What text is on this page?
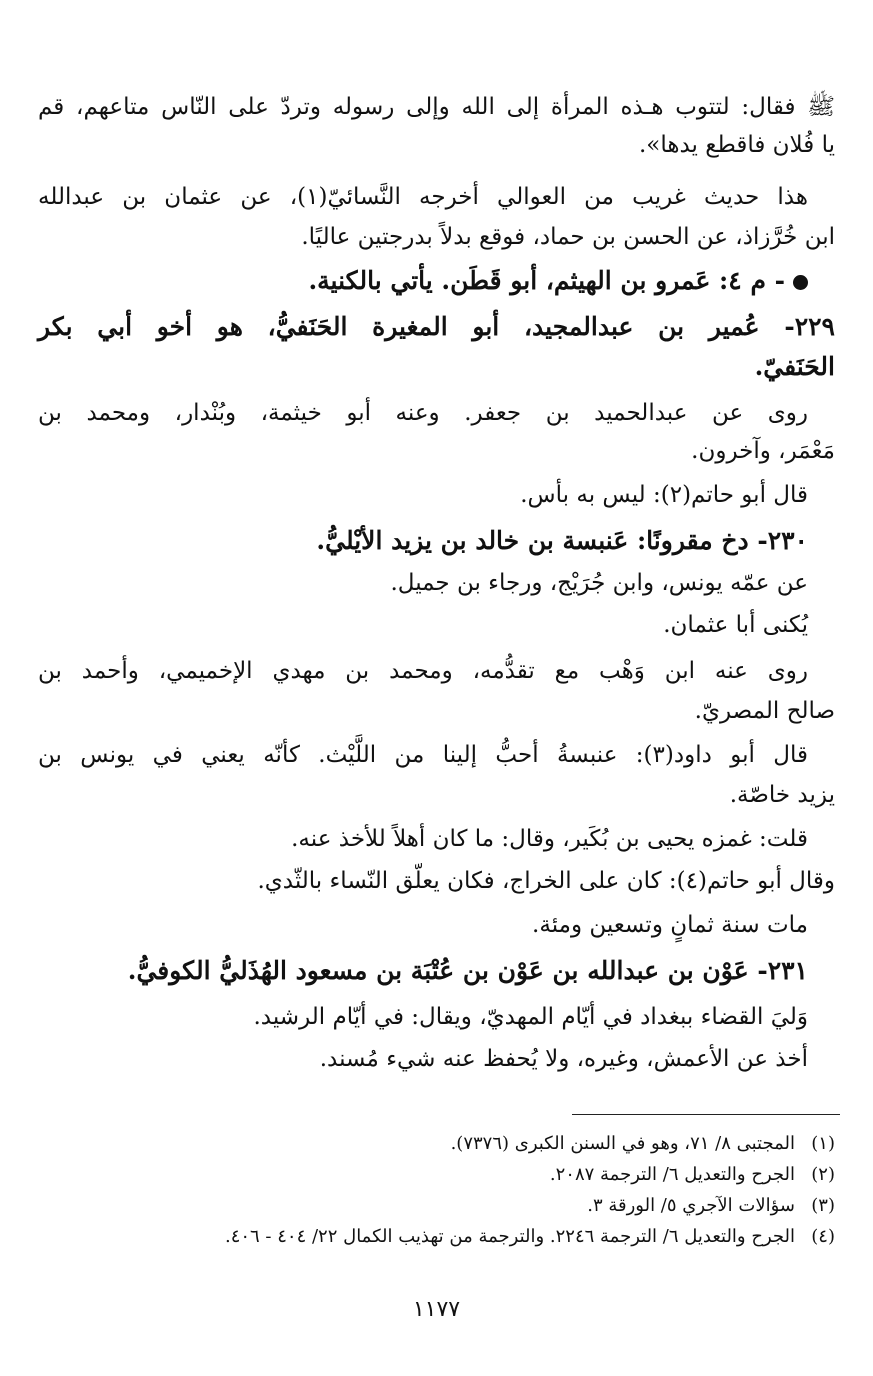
ﷺ فقال: لتتوب هـذه المرأة إلى الله وإلى رسوله وتردّ على النّاس متاعهم، قم
يا فُلان فاقطع يدها».
هذا حديث غريب من العوالي أخرجه النَّسائيّ(١)، عن عثمان بن عبدالله
ابن خُرَّزاذ، عن الحسن بن حماد، فوقع بدلاً بدرجتين عاليًا.
- م ٤: عَمرو بن الهيثم، أبو قَطَن. يأتي بالكنية.
٢٢٩- عُمير بن عبدالمجيد، أبو المغيرة الحَنَفيُّ، هو أخو أبي بكر
الحَنَفيّ.
روى عن عبدالحميد بن جعفر. وعنه أبو خيثمة، وبُنْدار، ومحمد بن
مَعْمَر، وآخرون.
قال أبو حاتم(٢): ليس به بأس.
٢٣٠- دخ مقرونًا: عَنبسة بن خالد بن يزيد الأيْليُّ.
عن عمّه يونس، وابن جُرَيْج، ورجاء بن جميل.
يُكنى أبا عثمان.
روى عنه ابن وَهْب مع تقدُّمه، ومحمد بن مهدي الإخميمي، وأحمد بن
صالح المصريّ.
قال أبو داود(٣): عنبسةُ أحبُّ إلينا من اللَّيْث. كأنّه يعني في يونس بن
يزيد خاصّة.
قلت: غمزه يحيى بن بُكَير، وقال: ما كان أهلاً للأخذ عنه.
وقال أبو حاتم(٤): كان على الخراج، فكان يعلّق النّساء بالثّدي.
مات سنة ثمانٍ وتسعين ومئة.
٢٣١- عَوْن بن عبدالله بن عَوْن بن عُتْبَة بن مسعود الهُذَليُّ الكوفيُّ.
وَليَ القضاء ببغداد في أيّام المهديّ، ويقال: في أيّام الرشيد.
أخذ عن الأعمش، وغيره، ولا يُحفظ عنه شيء مُسند.
(١)المجتبى ٨/ ٧١، وهو في السنن الكبرى (٧٣٧٦).
(٢)الجرح والتعديل ٦/ الترجمة ٢٠٨٧.
(٣)سؤالات الآجري ٥/ الورقة ٣.
(٤)الجرح والتعديل ٦/ الترجمة ٢٢٤٦. والترجمة من تهذيب الكمال ٢٢/ ٤٠٤ - ٤٠٦.
١١٧٧
